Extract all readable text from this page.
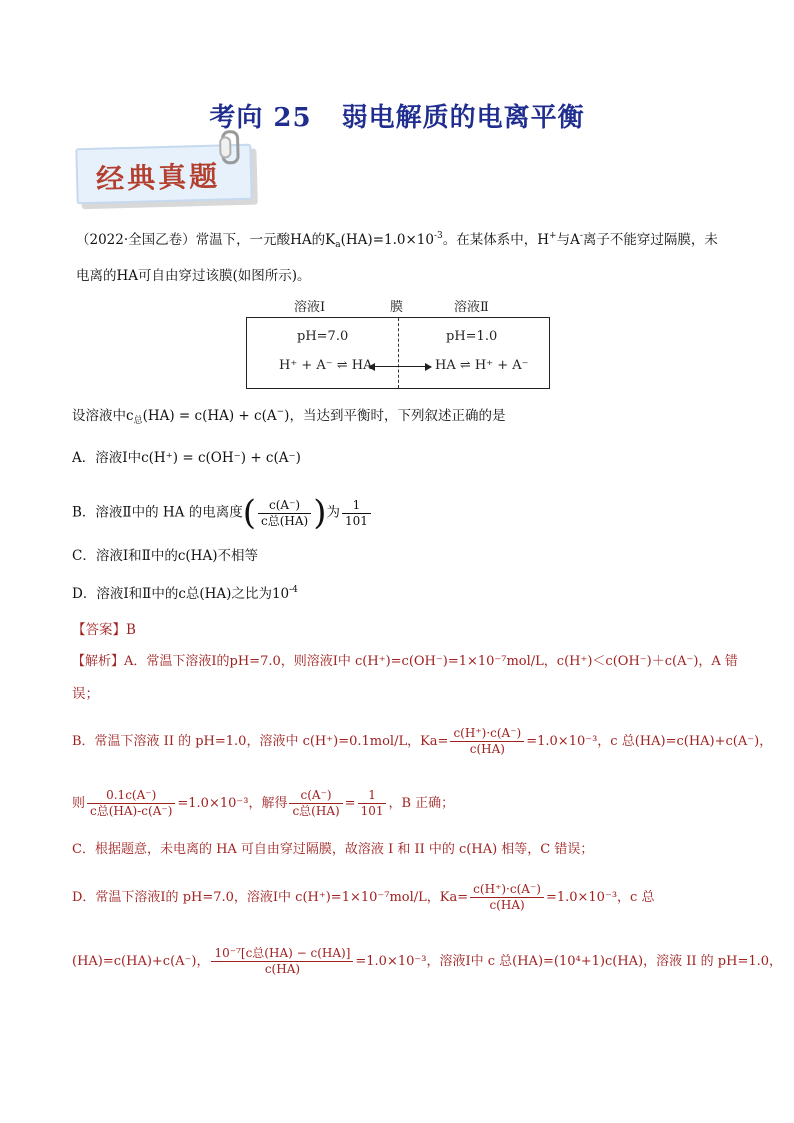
考向 25 弱电解质的电离平衡
经典真题
（2022·全国乙卷）常温下，一元酸HA的$K_a(HA)=1.0\times 10^{-3}$。在某体系中，H+与A-离子不能穿过隔膜，未
电离的HA可自由穿过该膜(如图所示)。
溶液Ⅰ	膜	溶液Ⅱ
pH=7.0	pH=1.0
H⁺ + A⁻ ⇌ HA	HA ⇌ H⁺ + A⁻
设溶液中$c_总(HA) = c(HA) + c(A^-)$，当达到平衡时，下列叙述正确的是
A．溶液Ⅰ中c(H⁺) = c(OH⁻) + c(A⁻)
B．溶液Ⅱ中的 HA 的电离度( $\frac{c(A^-)}{\text{c总(HA)}}$ )为 $\frac{1}{101}$
C．溶液Ⅰ和Ⅱ中的c(HA)不相等
D．溶液Ⅰ和Ⅱ中的c总(HA)之比为$10^{-4}$
【答案】B
【解析】A．常温下溶液Ⅰ的pH=7.0，则溶液Ⅰ中 c(H⁺)=c(OH⁻)=1×10⁻⁷mol/L，c(H⁺)＜c(OH⁻)＋c(A⁻)，A 错
误；
B．常温下溶液 II 的 pH=1.0，溶液中 c(H⁺)=0.1mol/L，$Ka= \frac{c(H^+)\cdot c(A^-)}{c(HA)} =1.0\times 10^{-3}$，c 总(HA)=c(HA)+c(A⁻)，
则 $\frac{0.1c(A^-)}{\text{c总(HA)-c(A⁻)}} =1.0\times 10^{-3}$，解得 $\frac{c(A^-)}{\text{c总(HA)}} = \frac{1}{101}$ ，B 正确；
C．根据题意，未电离的 HA 可自由穿过隔膜，故溶液 I 和 II 中的 c(HA) 相等，C 错误；
D．常温下溶液Ⅰ的 pH=7.0，溶液Ⅰ中 c(H⁺)=1×10⁻⁷mol/L，$Ka= \frac{c(H^+)\cdot c(A^-)}{c(HA)} =1.0\times 10^{-3}$，c 总
(HA)=c(HA)+c(A⁻)， $\frac{\text{10⁻⁷[c总(HA) − c(HA)]}}{c(HA)} =1.0\times 10^{-3}$，溶液Ⅰ中 c 总(HA)=(10⁴+1)c(HA)，溶液 II 的 pH=1.0，
